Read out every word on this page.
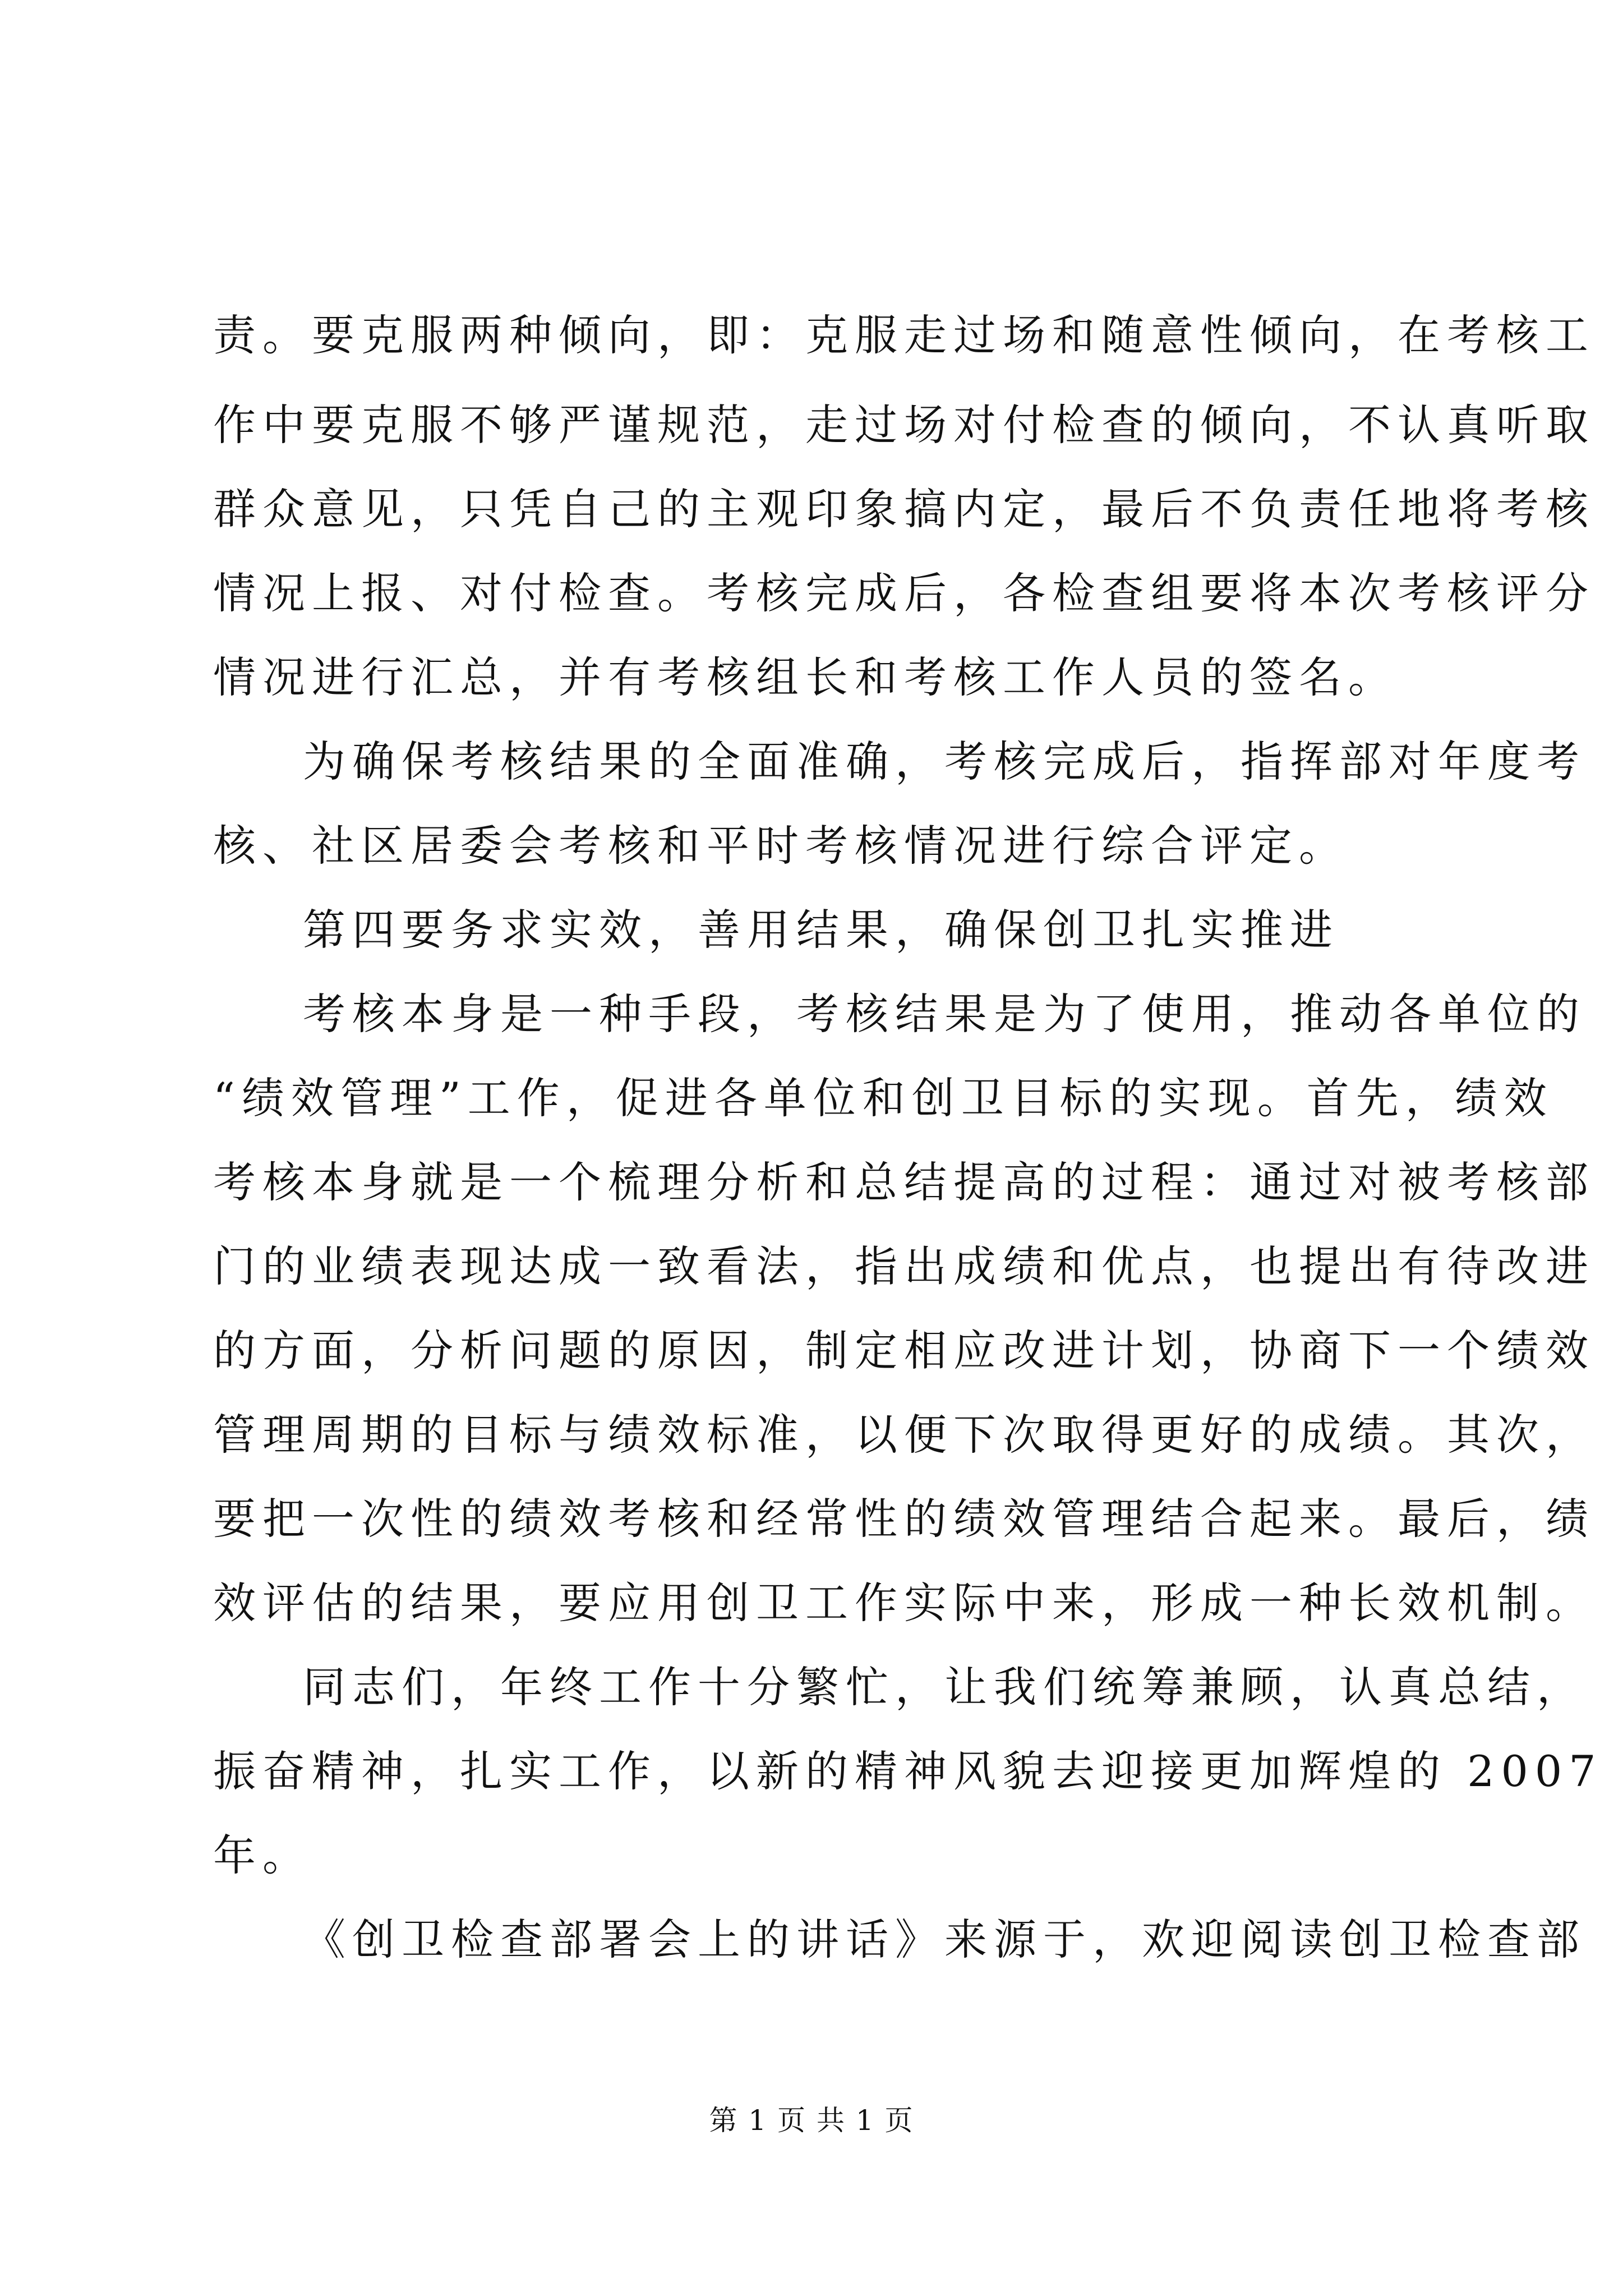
责。要克服两种倾向，即：克服走过场和随意性倾向，在考核工
作中要克服不够严谨规范，走过场对付检查的倾向，不认真听取
群众意见，只凭自己的主观印象搞内定，最后不负责任地将考核
情况上报、对付检查。考核完成后，各检查组要将本次考核评分
情况进行汇总，并有考核组长和考核工作人员的签名。
为确保考核结果的全面准确，考核完成后，指挥部对年度考
核、社区居委会考核和平时考核情况进行综合评定。
第四要务求实效，善用结果，确保创卫扎实推进
考核本身是一种手段，考核结果是为了使用，推动各单位的
“绩效管理”工作，促进各单位和创卫目标的实现。首先，绩效
考核本身就是一个梳理分析和总结提高的过程：通过对被考核部
门的业绩表现达成一致看法，指出成绩和优点，也提出有待改进
的方面，分析问题的原因，制定相应改进计划，协商下一个绩效
管理周期的目标与绩效标准，以便下次取得更好的成绩。其次，
要把一次性的绩效考核和经常性的绩效管理结合起来。最后，绩
效评估的结果，要应用创卫工作实际中来，形成一种长效机制。
同志们，年终工作十分繁忙，让我们统筹兼顾，认真总结，
振奋精神，扎实工作，以新的精神风貌去迎接更加辉煌的 2007
年。
《创卫检查部署会上的讲话》来源于，欢迎阅读创卫检查部
第 1 页 共 1 页
